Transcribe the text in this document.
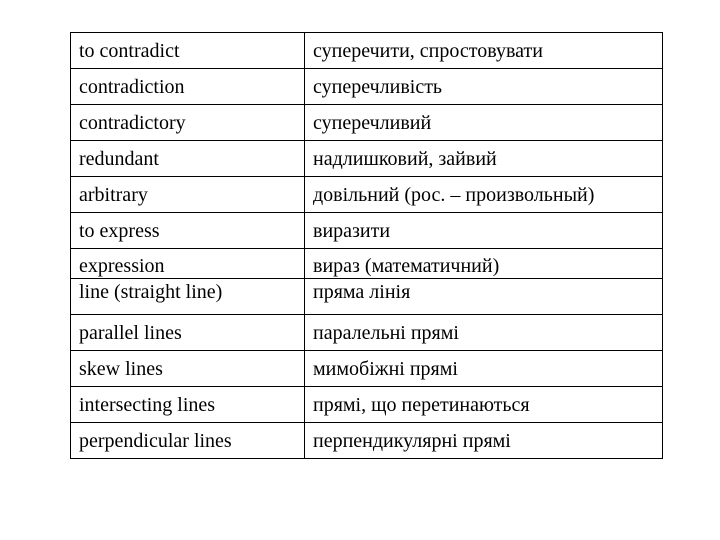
to contradict	суперечити, спростовувати
contradiction	суперечливість
contradictory	суперечливий
redundant	надлишковий, зайвий
arbitrary	довільний (рос. – произвольный)
to express	виразити
expression	вираз (математичний)
line (straight line)	пряма лінія
parallel lines	паралельні прямі
skew lines	мимобіжні прямі
intersecting lines	прямі, що перетинаються
perpendicular lines	перпендикулярні прямі
